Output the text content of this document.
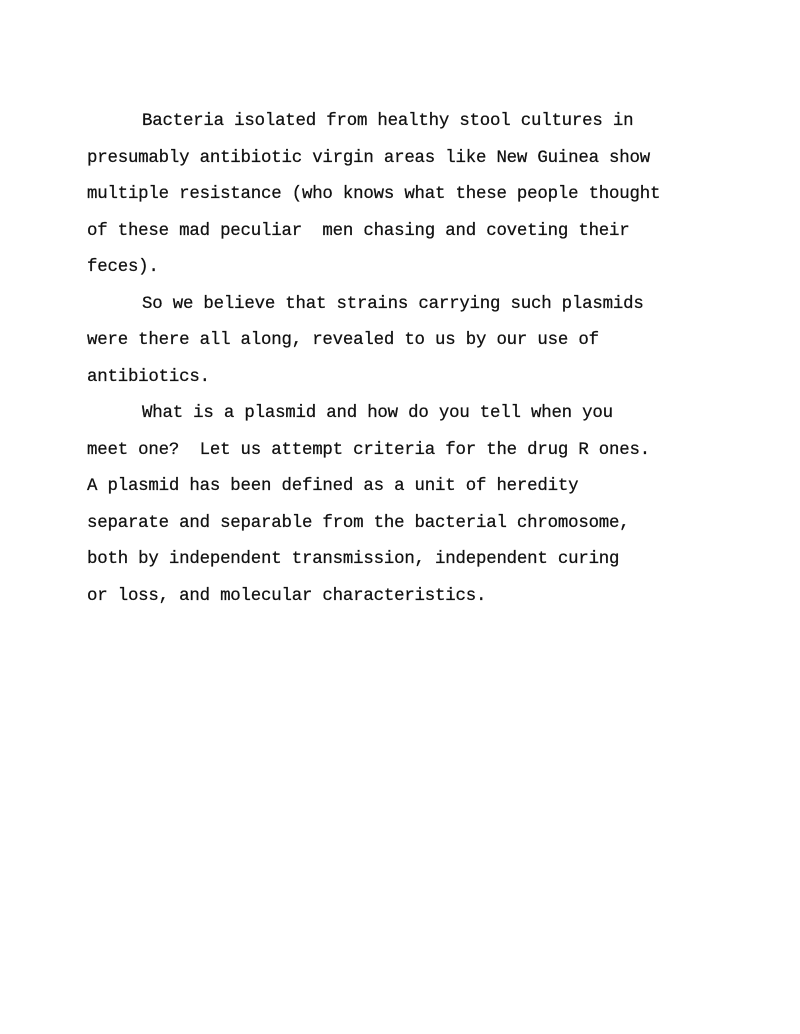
Bacteria isolated from healthy stool cultures in
presumably antibiotic virgin areas like New Guinea show
multiple resistance (who knows what these people thought
of these mad peculiar  men chasing and coveting their
feces).
So we believe that strains carrying such plasmids
were there all along, revealed to us by our use of
antibiotics.
What is a plasmid and how do you tell when you
meet one?  Let us attempt criteria for the drug R ones.
A plasmid has been defined as a unit of heredity
separate and separable from the bacterial chromosome,
both by independent transmission, independent curing
or loss, and molecular characteristics.
